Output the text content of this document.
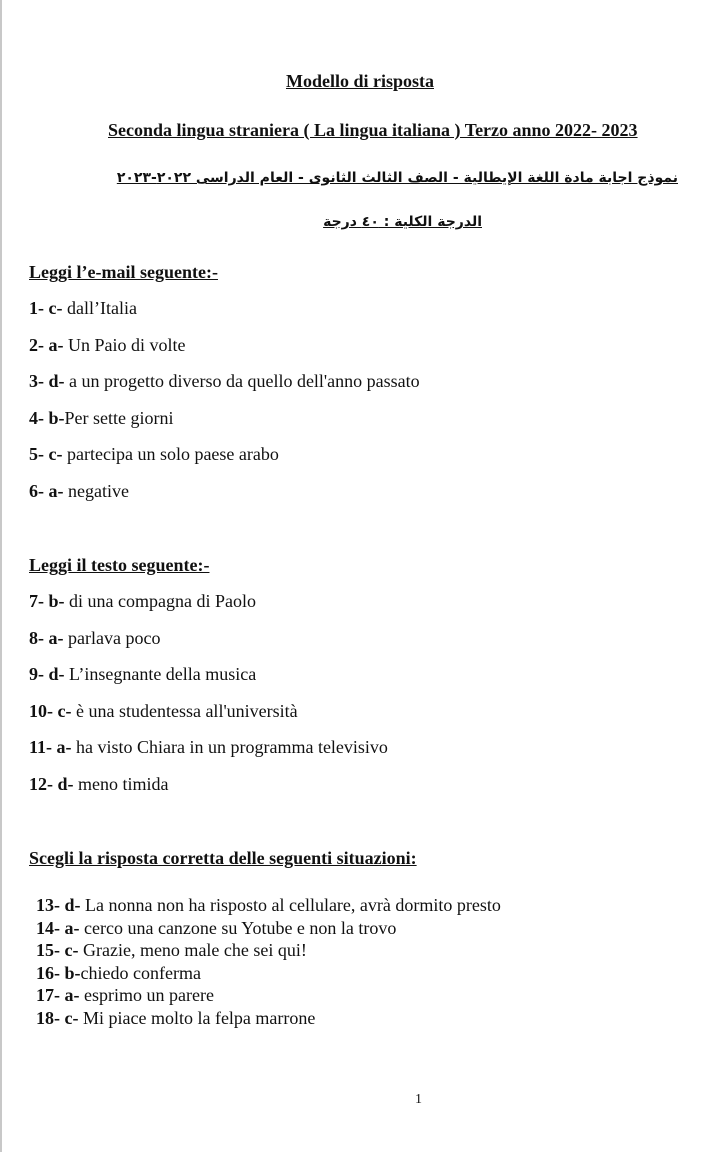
Modello di risposta
Seconda lingua straniera ( La lingua italiana ) Terzo anno 2022- 2023
نموذج اجابة مادة اللغة الإيطالية - الصف الثالث الثانوى - العام الدراسى ٢٠٢٢-٢٠٢٣
الدرجة الكلية : ٤٠ درجة
Leggi l’e-mail seguente:-
1- c- dall’Italia
2- a- Un Paio di volte
3- d- a un progetto diverso da quello dell'anno passato
4- b-Per sette giorni
5- c- partecipa un solo paese arabo
6- a- negative
Leggi il testo seguente:-
7- b- di una compagna di Paolo
8- a- parlava poco
9- d- L’insegnante della musica
10- c- è una studentessa all'università
11- a- ha visto Chiara in un programma televisivo
12- d- meno timida
Scegli la risposta corretta delle seguenti situazioni:
13- d- La nonna non ha risposto al cellulare, avrà dormito presto
14- a- cerco una canzone su Yotube e non la trovo
15- c- Grazie, meno male che sei qui!
16- b-chiedo conferma
17- a- esprimo un parere
18- c- Mi piace molto la felpa marrone
1
